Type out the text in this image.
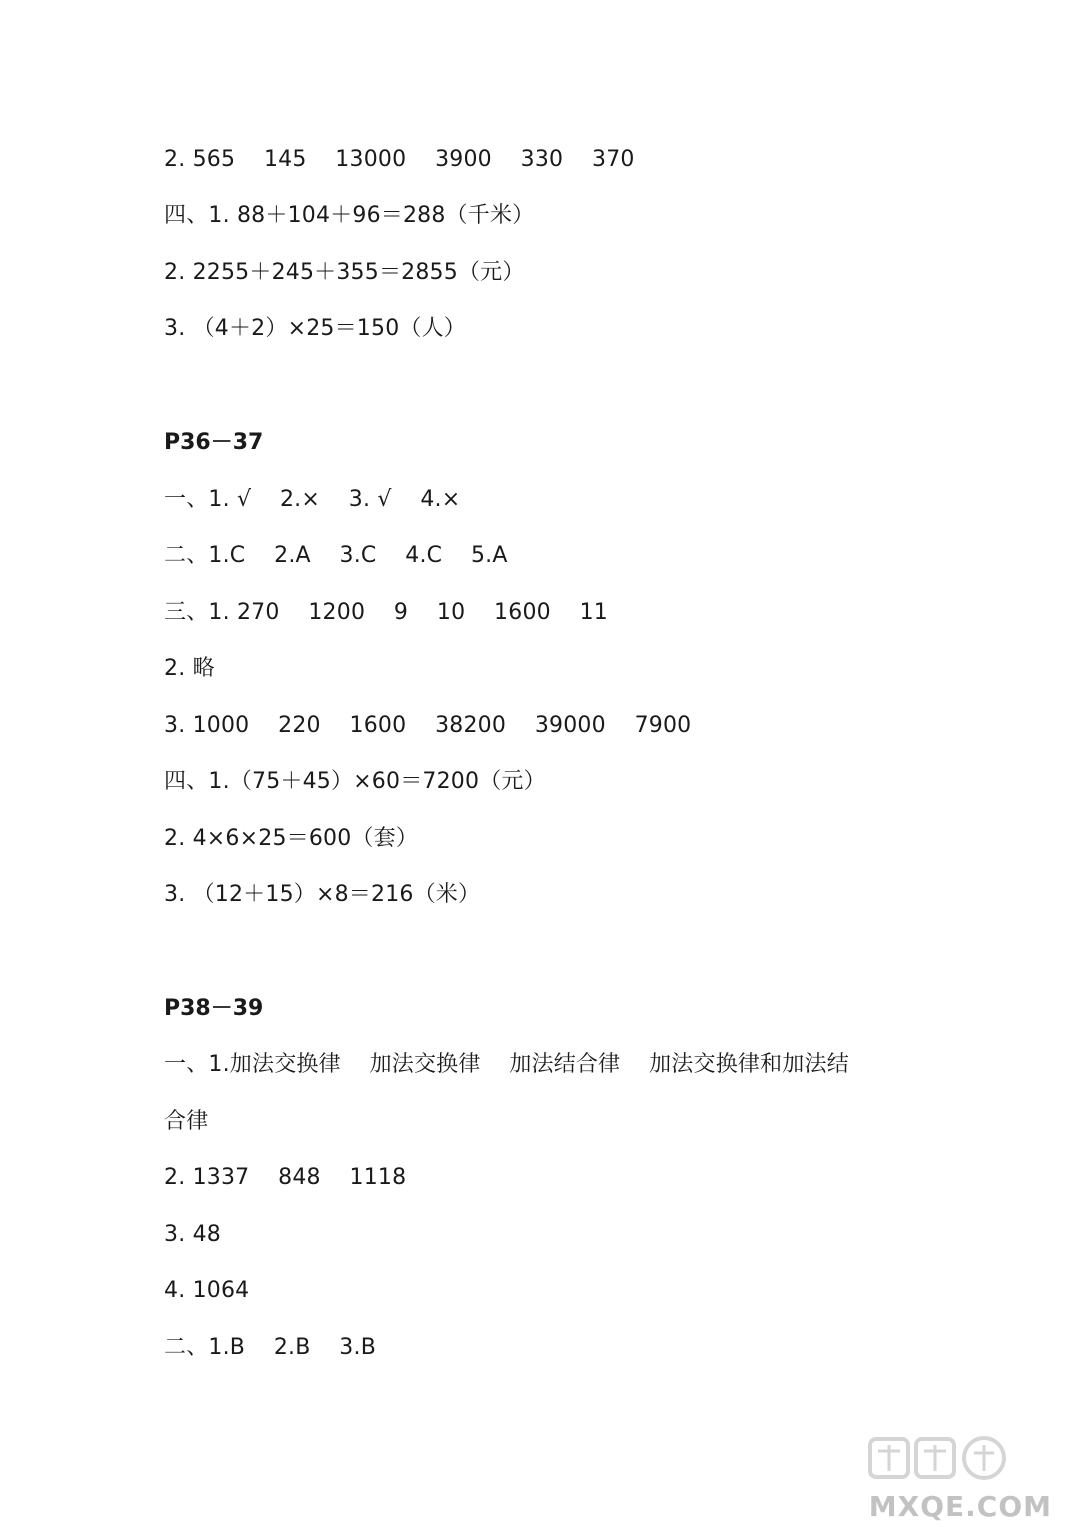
2. 565    145    13000    3900    330    370
四、1. 88＋104＋96＝288（千米）
2. 2255＋245＋355＝2855（元）
3. （4＋2）×25＝150（人）
P36－37
一、1. √    2.×    3. √    4.×
二、1.C    2.A    3.C    4.C    5.A
三、1. 270    1200    9    10    1600    11
2. 略
3. 1000    220    1600    38200    39000    7900
四、1.（75＋45）×60＝7200（元）
2. 4×6×25＝600（套）
3. （12＋15）×8＝216（米）
P38－39
一、1.加法交换律    加法交换律    加法结合律    加法交换律和加法结
合律
2. 1337    848    1118
3. 48
4. 1064
二、1.B    2.B    3.B
MXQE.COM
